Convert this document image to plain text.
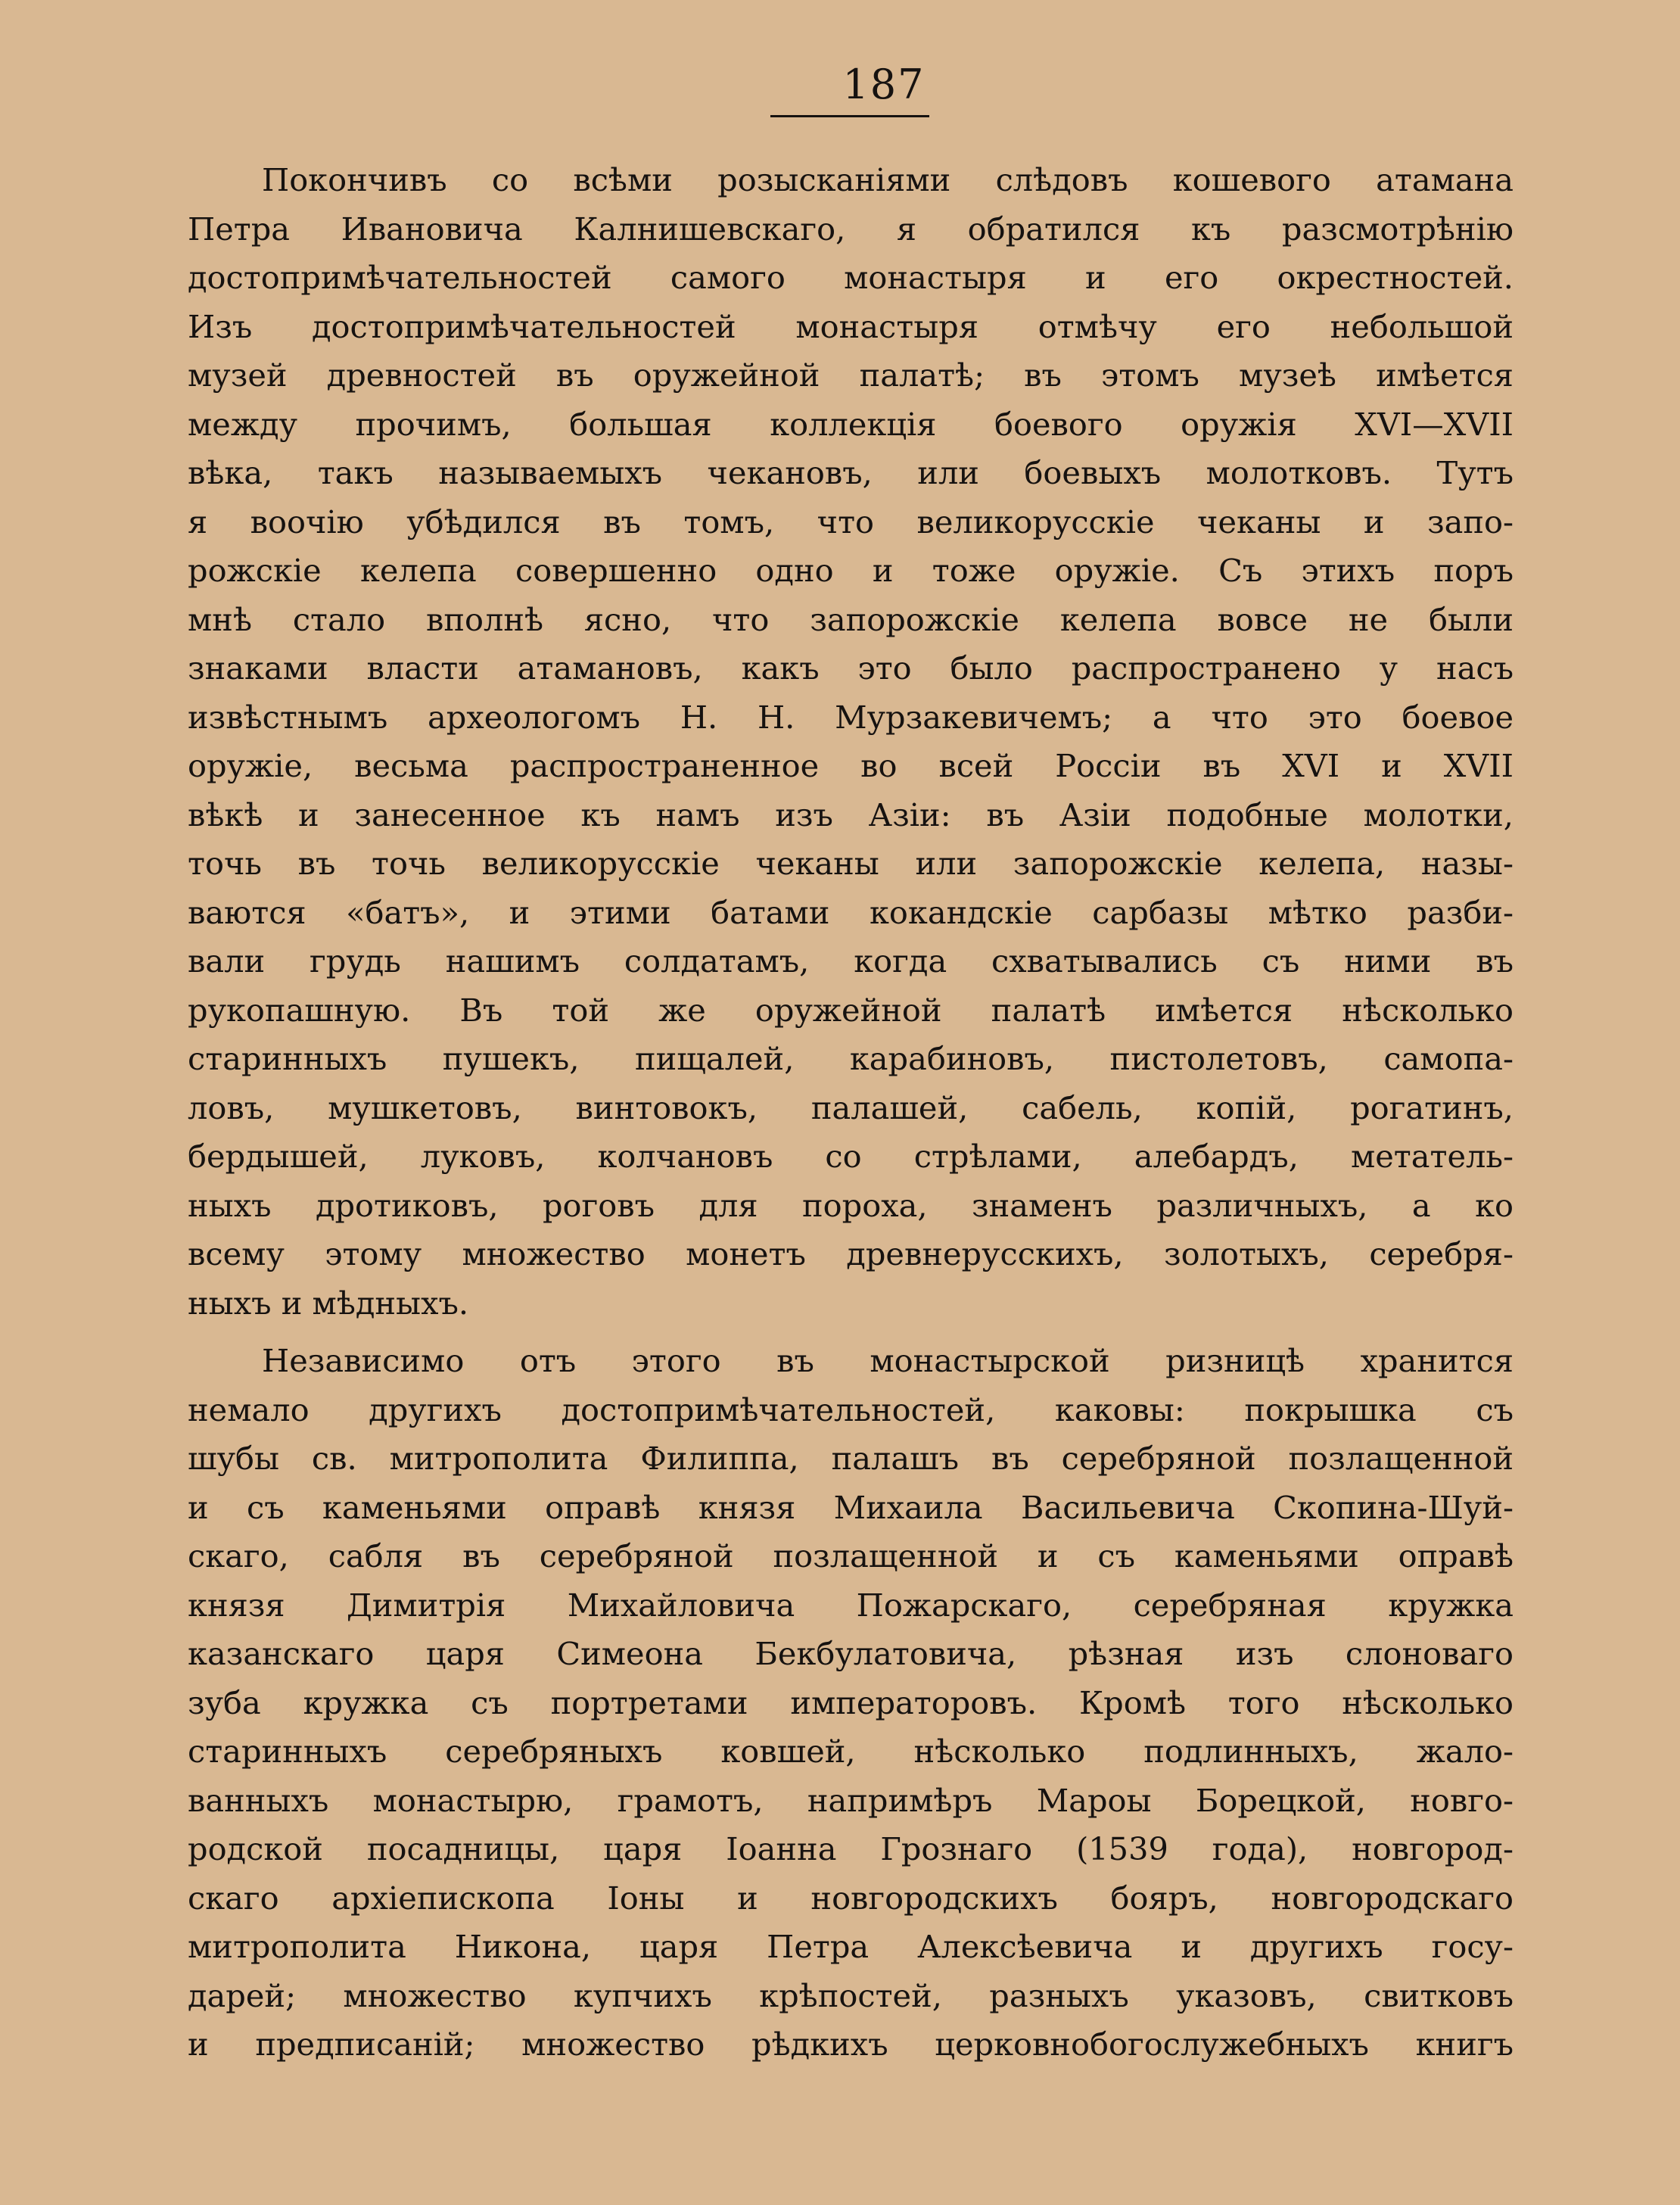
187
Покончивъ со всѣми розысканіями слѣдовъ кошевого атамана
Петра Ивановича Калнишевскаго, я обратился къ разсмотрѣнію
достопримѣчательностей самого монастыря и его окрестностей.
Изъ достопримѣчательностей монастыря отмѣчу его небольшой
музей древностей въ оружейной палатѣ; въ этомъ музеѣ имѣется
между прочимъ, большая коллекція боевого оружія XVI—XVII
вѣка, такъ называемыхъ чекановъ, или боевыхъ молотковъ. Тутъ
я воочію убѣдился въ томъ, что великорусскіе чеканы и запо-
рожскіе келепа совершенно одно и тоже оружіе. Съ этихъ поръ
мнѣ стало вполнѣ ясно, что запорожскіе келепа вовсе не были
знаками власти атамановъ, какъ это было распространено у насъ
извѣстнымъ археологомъ Н. Н. Мурзакевичемъ; а что это боевое
оружіе, весьма распространенное во всей Россіи въ XVI и XVII
вѣкѣ и занесенное къ намъ изъ Азіи: въ Азіи подобные молотки,
точь въ точь великорусскіе чеканы или запорожскіе келепа, назы-
ваются «батъ», и этими батами кокандскіе сарбазы мѣтко разби-
вали грудь нашимъ солдатамъ, когда схватывались съ ними въ
рукопашную. Въ той же оружейной палатѣ имѣется нѣсколько
старинныхъ пушекъ, пищалей, карабиновъ, пистолетовъ, самопа-
ловъ, мушкетовъ, винтовокъ, палашей, сабель, копій, рогатинъ,
бердышей, луковъ, колчановъ со стрѣлами, алебардъ, метатель-
ныхъ дротиковъ, роговъ для пороха, знаменъ различныхъ, а ко
всему этому множество монетъ древнерусскихъ, золотыхъ, серебря-
ныхъ и мѣдныхъ.
Независимо отъ этого въ монастырской ризницѣ хранится
немало другихъ достопримѣчательностей, каковы: покрышка съ
шубы св. митрополита Филиппа, палашъ въ серебряной позлащенной
и съ каменьями оправѣ князя Михаила Васильевича Скопина-Шуй-
скаго, сабля въ серебряной позлащенной и съ каменьями оправѣ
князя Димитрія Михайловича Пожарскаго, серебряная кружка
казанскаго царя Симеона Бекбулатовича, рѣзная изъ слоноваго
зуба кружка съ портретами императоровъ. Кромѣ того нѣсколько
старинныхъ серебряныхъ ковшей, нѣсколько подлинныхъ, жало-
ванныхъ монастырю, грамотъ, напримѣръ Мароы Борецкой, новго-
родской посадницы, царя Іоанна Грознаго (1539 года), новгород-
скаго архіепископа Іоны и новгородскихъ бояръ, новгородскаго
митрополита Никона, царя Петра Алексѣевича и другихъ госу-
дарей; множество купчихъ крѣпостей, разныхъ указовъ, свитковъ
и предписаній; множество рѣдкихъ церковнобогослужебныхъ книгъ
